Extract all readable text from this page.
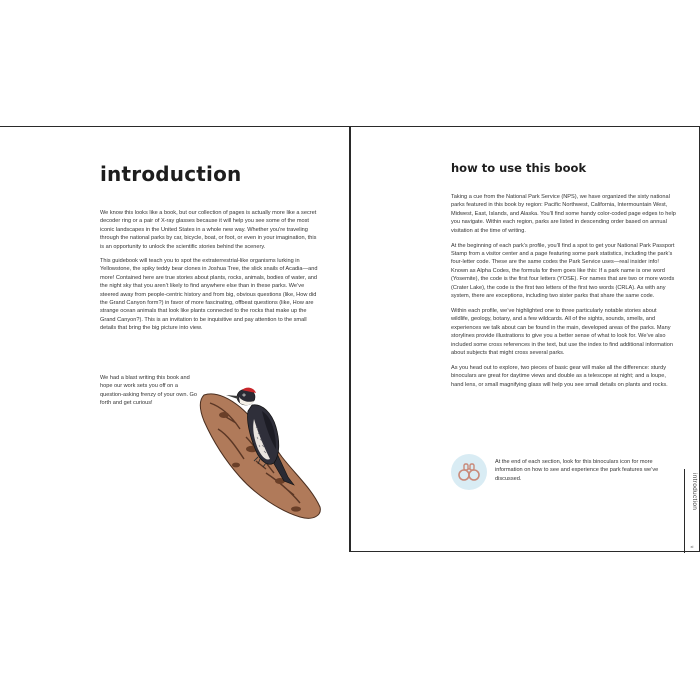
introduction

We know this looks like a book, but our collection of pages is actually more like a secret decoder ring or a pair of X-ray glasses because it will help you see some of the most iconic landscapes in the United States in a whole new way. Whether you’re traveling through the national parks by car, bicycle, boat, or foot, or even in your imagination, this is an opportunity to unlock the scientific stories behind the scenery.

This guidebook will teach you to spot the extraterrestrial-like organisms lurking in Yellowstone, the spiky teddy bear clones in Joshua Tree, the slick snails of Acadia—and more! Contained here are true stories about plants, rocks, animals, bodies of water, and the night sky that you aren’t likely to find anywhere else than in these parks. We’ve steered away from people-centric history and from big, obvious questions (like, How did the Grand Canyon form?) in favor of more fascinating, offbeat questions (like, How are strange ocean animals that look like plants connected to the rocks that make up the Grand Canyon?). This is an invitation to be inquisitive and pay attention to the small details that bring the big picture into view.

We had a blast writing this book and hope our work sets you off on a question-asking frenzy of your own. Go forth and get curious!

how to use this book

Taking a cue from the National Park Service (NPS), we have organized the sixty national parks featured in this book by region: Pacific Northwest, California, Intermountain West, Midwest, East, Islands, and Alaska. You’ll find some handy color-coded page edges to help you navigate. Within each region, parks are listed in descending order based on annual visitation at the time of writing.

At the beginning of each park’s profile, you’ll find a spot to get your National Park Passport Stamp from a visitor center and a page featuring some park statistics, including the park’s four-letter code. These are the same codes the Park Service uses—real insider info! Known as Alpha Codes, the formula for them goes like this: If a park name is one word (Yosemite), the code is the first four letters (YOSE). For names that are two or more words (Crater Lake), the code is the first two letters of the first two words (CRLA). As with any system, there are exceptions, including two sister parks that share the same code.

Within each profile, we’ve highlighted one to three particularly notable stories about wildlife, geology, botany, and a few wildcards. All of the sights, sounds, smells, and experiences we talk about can be found in the main, developed areas of the parks. Many storylines provide illustrations to give you a better sense of what to look for. We’ve also included some cross references in the text, but use the index to find additional information about subjects that might cross several parks.

As you head out to explore, two pieces of basic gear will make all the difference: sturdy binoculars are great for daytime views and double as a telescope at night; and a loupe, hand lens, or small magnifying glass will help you see small details on plants and rocks.

At the end of each section, look for this binoculars icon for more information on how to see and experience the park features we’ve discussed.	introduction
xi
